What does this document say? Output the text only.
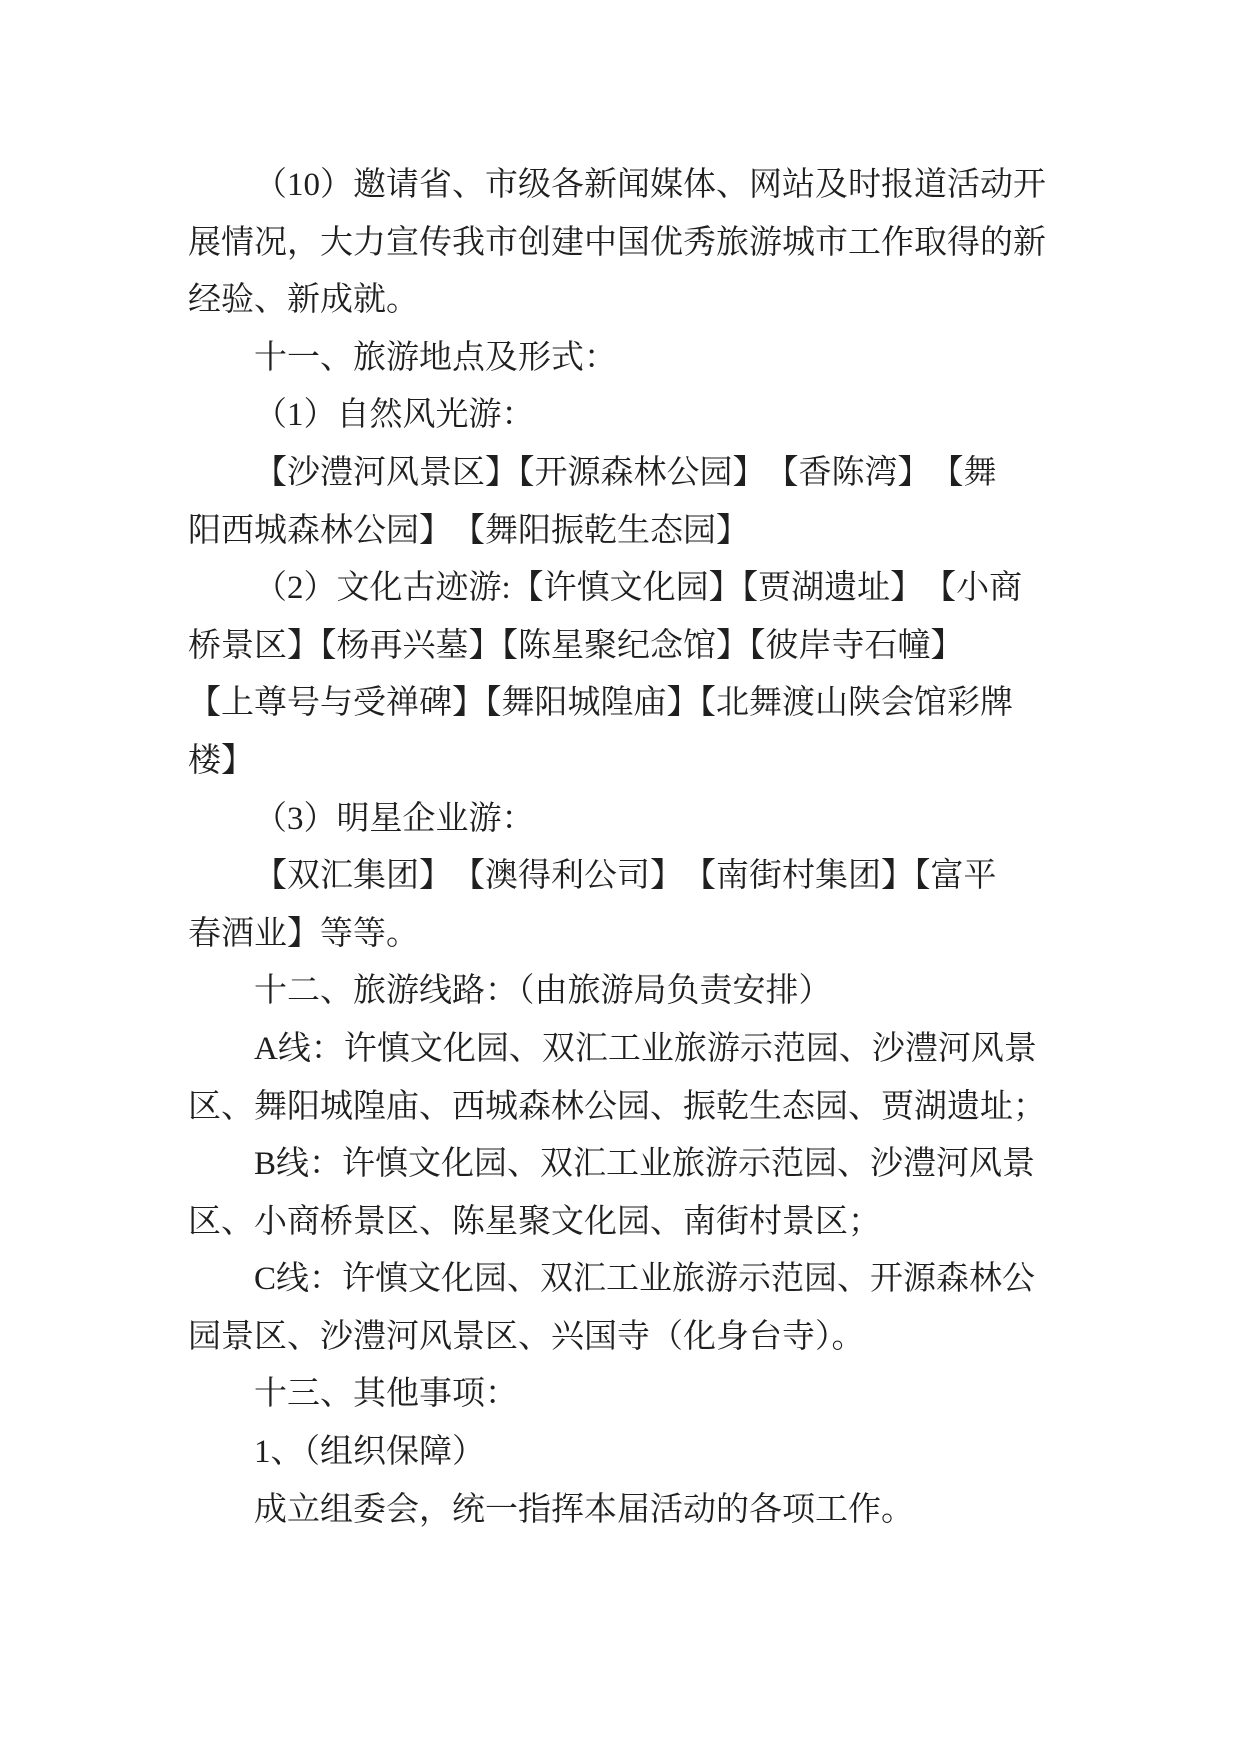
（10）邀请省、市级各新闻媒体、网站及时报道活动开
展情况，大力宣传我市创建中国优秀旅游城市工作取得的新
经验、新成就。
十一、旅游地点及形式：
（1）自然风光游：
【沙澧河风景区】【开源森林公园】　【香陈湾】　【舞
阳西城森林公园】　【舞阳振乾生态园】
（2）文化古迹游:【许慎文化园】【贾湖遗址】　【小商
桥景区】【杨再兴墓】【陈星聚纪念馆】【彼岸寺石幢】
【上尊号与受禅碑】【舞阳城隍庙】【北舞渡山陕会馆彩牌
楼】
（3）明星企业游：
【双汇集团】　【澳得利公司】　【南街村集团】【富平
春酒业】等等。
十二、旅游线路：（由旅游局负责安排）
A线：许慎文化园、双汇工业旅游示范园、沙澧河风景
区、舞阳城隍庙、西城森林公园、振乾生态园、贾湖遗址；
B线：许慎文化园、双汇工业旅游示范园、沙澧河风景
区、小商桥景区、陈星聚文化园、南街村景区；
C线：许慎文化园、双汇工业旅游示范园、开源森林公
园景区、沙澧河风景区、兴国寺（化身台寺）。
十三、其他事项：
1、（组织保障）
成立组委会，统一指挥本届活动的各项工作。
